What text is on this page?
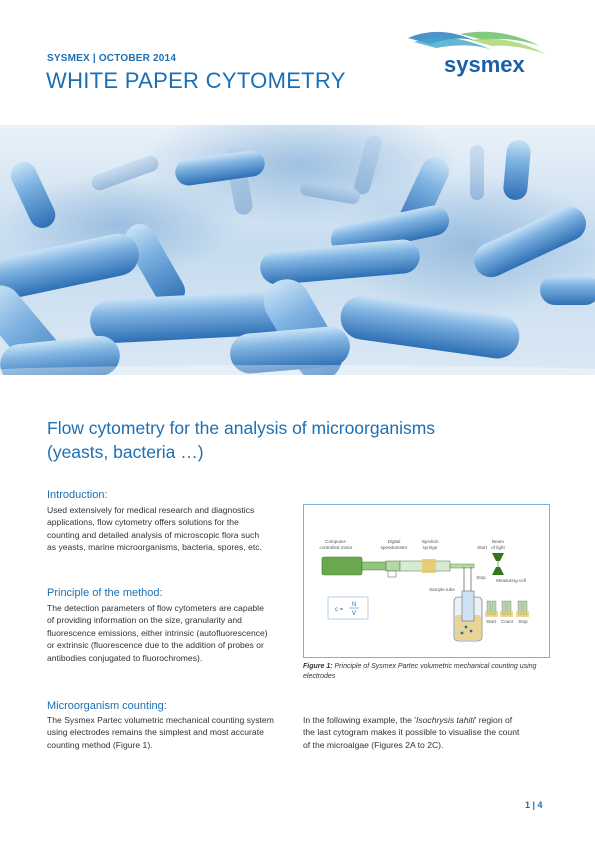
SYSMEX | OCTOBER 2014
WHITE PAPER CYTOMETRY
sysmex
Flow cytometry for the analysis of microorganisms
(yeasts, bacteria …)
Introduction:
Used extensively for medical research and diagnostics
applications, flow cytometry offers solutions for the
counting and detailed analysis of microscopic flora such
as yeasts, marine microorganisms, bacteria, spores, etc.
Principle of the method:
The detection parameters of flow cytometers are capable
of providing information on the size, granularity and
fluorescence emissions, either intrinsic (autofluorescence)
or extrinsic (fluorescence due to the addition of probes or
antibodies conjugated to fluorochromes).
Microorganism counting:
The Sysmex Partec volumetric mechanical counting system
using electrodes remains the simplest and most accurate
counting method (Figure 1).
In the following example, the 'Isochrysis tahiti' region of
the last cytogram makes it possible to visualise the count
of the microalgae (Figures 2A to 2C).
Computer-
controlled motor
Digital
speedometer
Injection
syringe
Beam
of light
Start
Stop
Measuring cell
Sample tube
c =
N
V
Start Count Stop
Figure 1: Principle of Sysmex Partec volumetric mechanical counting using
electrodes
1 | 4
